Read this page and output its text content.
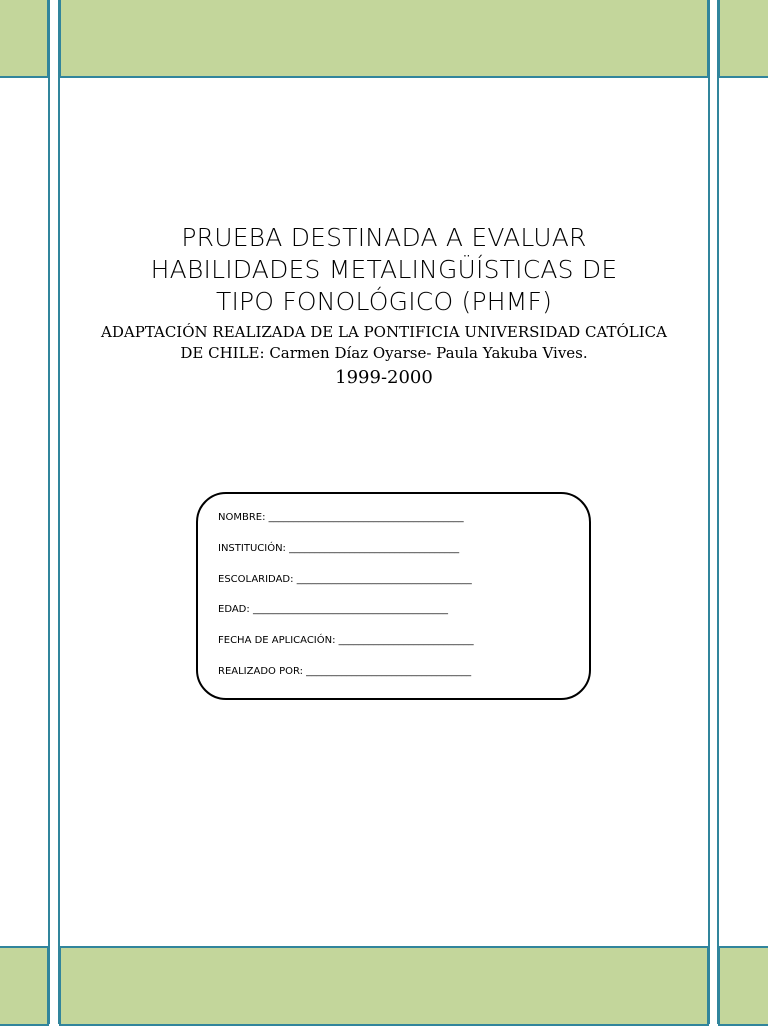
PRUEBA DESTINADA A EVALUAR
HABILIDADES METALINGÜÍSTICAS DE
TIPO FONOLÓGICO (PHMF)
ADAPTACIÓN REALIZADA DE LA PONTIFICIA UNIVERSIDAD CATÓLICA
DE CHILE: Carmen Díaz Oyarse- Paula Yakuba Vives.
1999-2000
NOMBRE: _______________________________________
INSTITUCIÓN: __________________________________
ESCOLARIDAD: ___________________________________
EDAD: _______________________________________
FECHA DE APLICACIÓN: ___________________________
REALIZADO POR: _________________________________
